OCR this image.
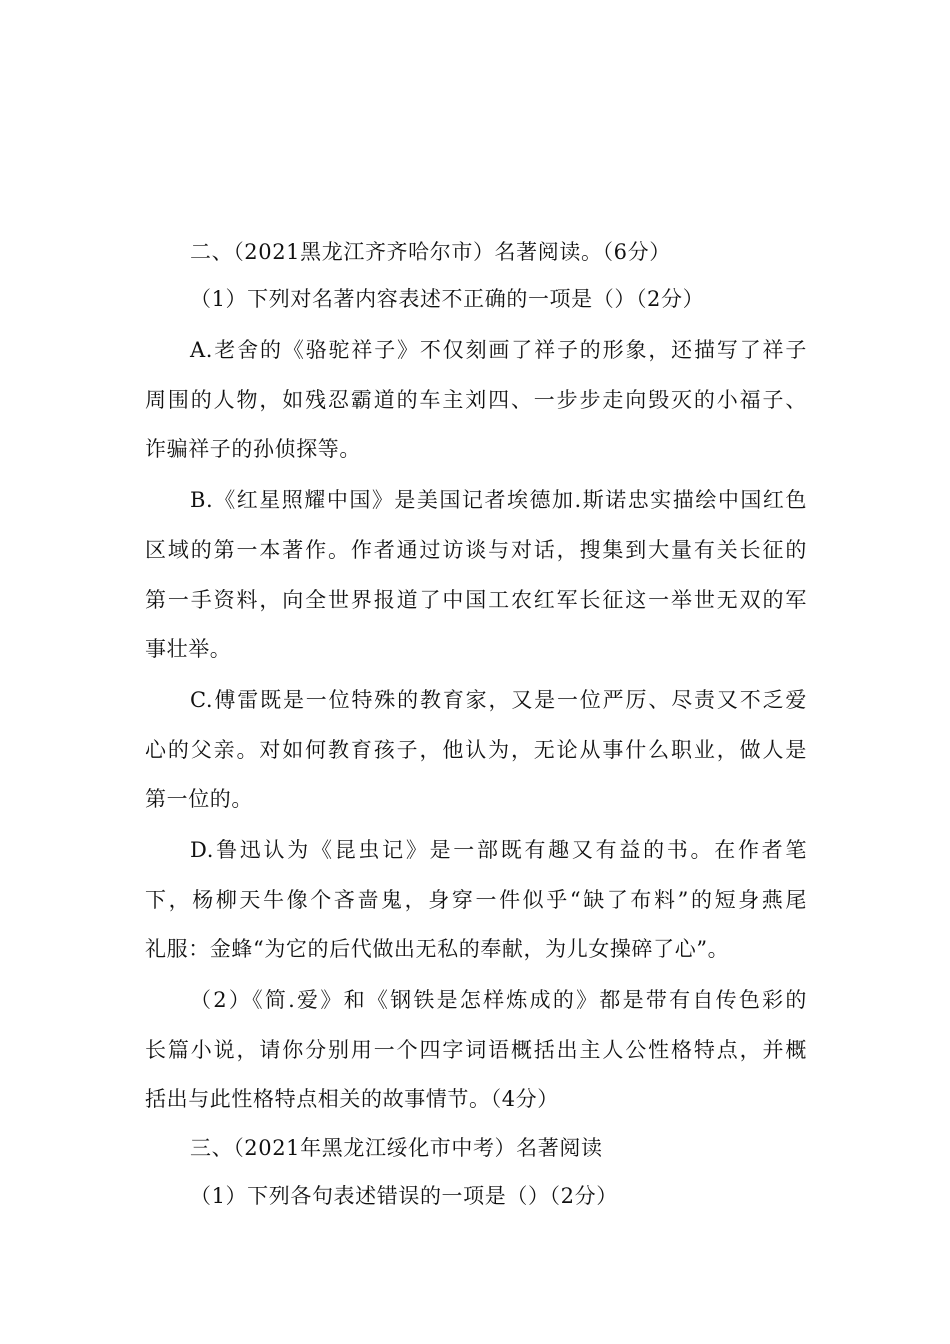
二、（2021黑龙江齐齐哈尔市）名著阅读。（6分）
（1）下列对名著内容表述不正确的一项是（）（2分）
A.老舍的《骆驼祥子》不仅刻画了祥子的形象，还描写了祥子
周围的人物，如残忍霸道的车主刘四、一步步走向毁灭的小福子、
诈骗祥子的孙侦探等。
B.《红星照耀中国》是美国记者埃德加.斯诺忠实描绘中国红色
区域的第一本著作。作者通过访谈与对话，搜集到大量有关长征的
第一手资料，向全世界报道了中国工农红军长征这一举世无双的军
事壮举。
C.傅雷既是一位特殊的教育家，又是一位严厉、尽责又不乏爱
心的父亲。对如何教育孩子，他认为，无论从事什么职业，做人是
第一位的。
D.鲁迅认为《昆虫记》是一部既有趣又有益的书。在作者笔
下，杨柳天牛像个吝啬鬼，身穿一件似乎“缺了布料”的短身燕尾
礼服：金蜂“为它的后代做出无私的奉献，为儿女操碎了心”。
（2）《简.爱》和《钢铁是怎样炼成的》都是带有自传色彩的
长篇小说，请你分别用一个四字词语概括出主人公性格特点，并概
括出与此性格特点相关的故事情节。（4分）
三、（2021年黑龙江绥化市中考）名著阅读
（1）下列各句表述错误的一项是（）（2分）
